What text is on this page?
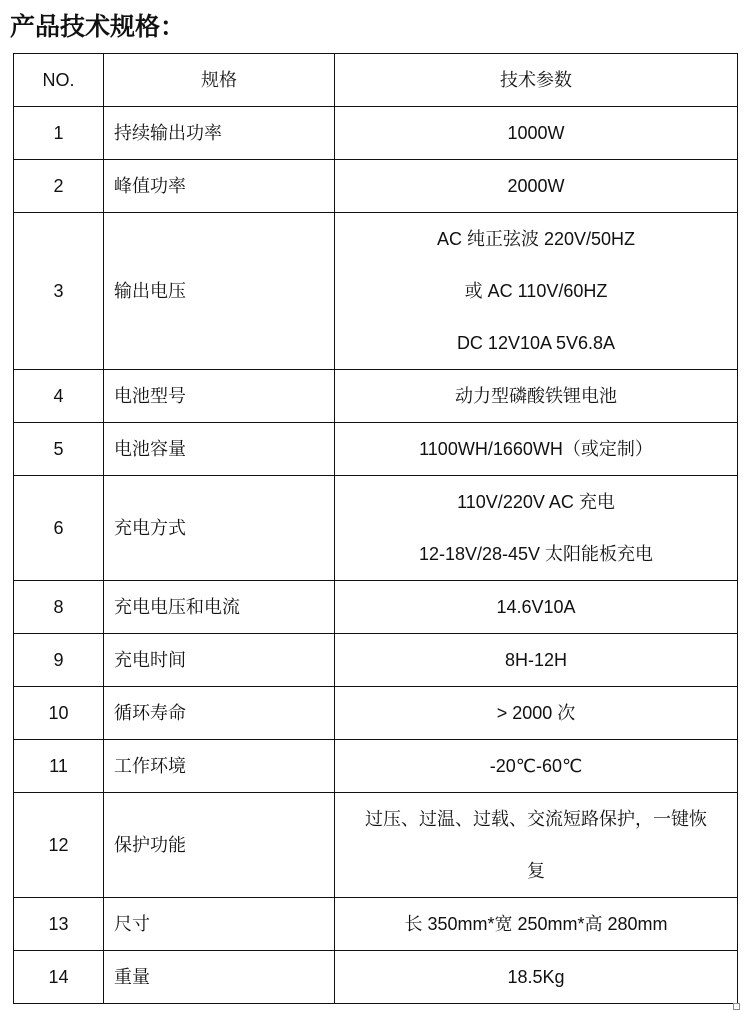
产品技术规格：
NO.	规格	技术参数
1	持续输出功率	1000W

2	峰值功率	2000W

3	输出电压	AC 纯正弦波 220V/50HZ
或 AC 110V/60HZ
DC 12V10A 5V6.8A

4	电池型号	动力型磷酸铁锂电池

5	电池容量	1100WH/1660WH（或定制）

6	充电方式	110V/220V AC 充电
12-18V/28-45V 太阳能板充电

8	充电电压和电流	14.6V10A

9	充电时间	8H-12H

10	循环寿命	> 2000 次

11	工作环境	-20℃-60℃

12	保护功能	过压、过温、过载、交流短路保护，一键恢
复

13	尺寸	长 350mm*宽 250mm*高 280mm

14	重量	18.5Kg
